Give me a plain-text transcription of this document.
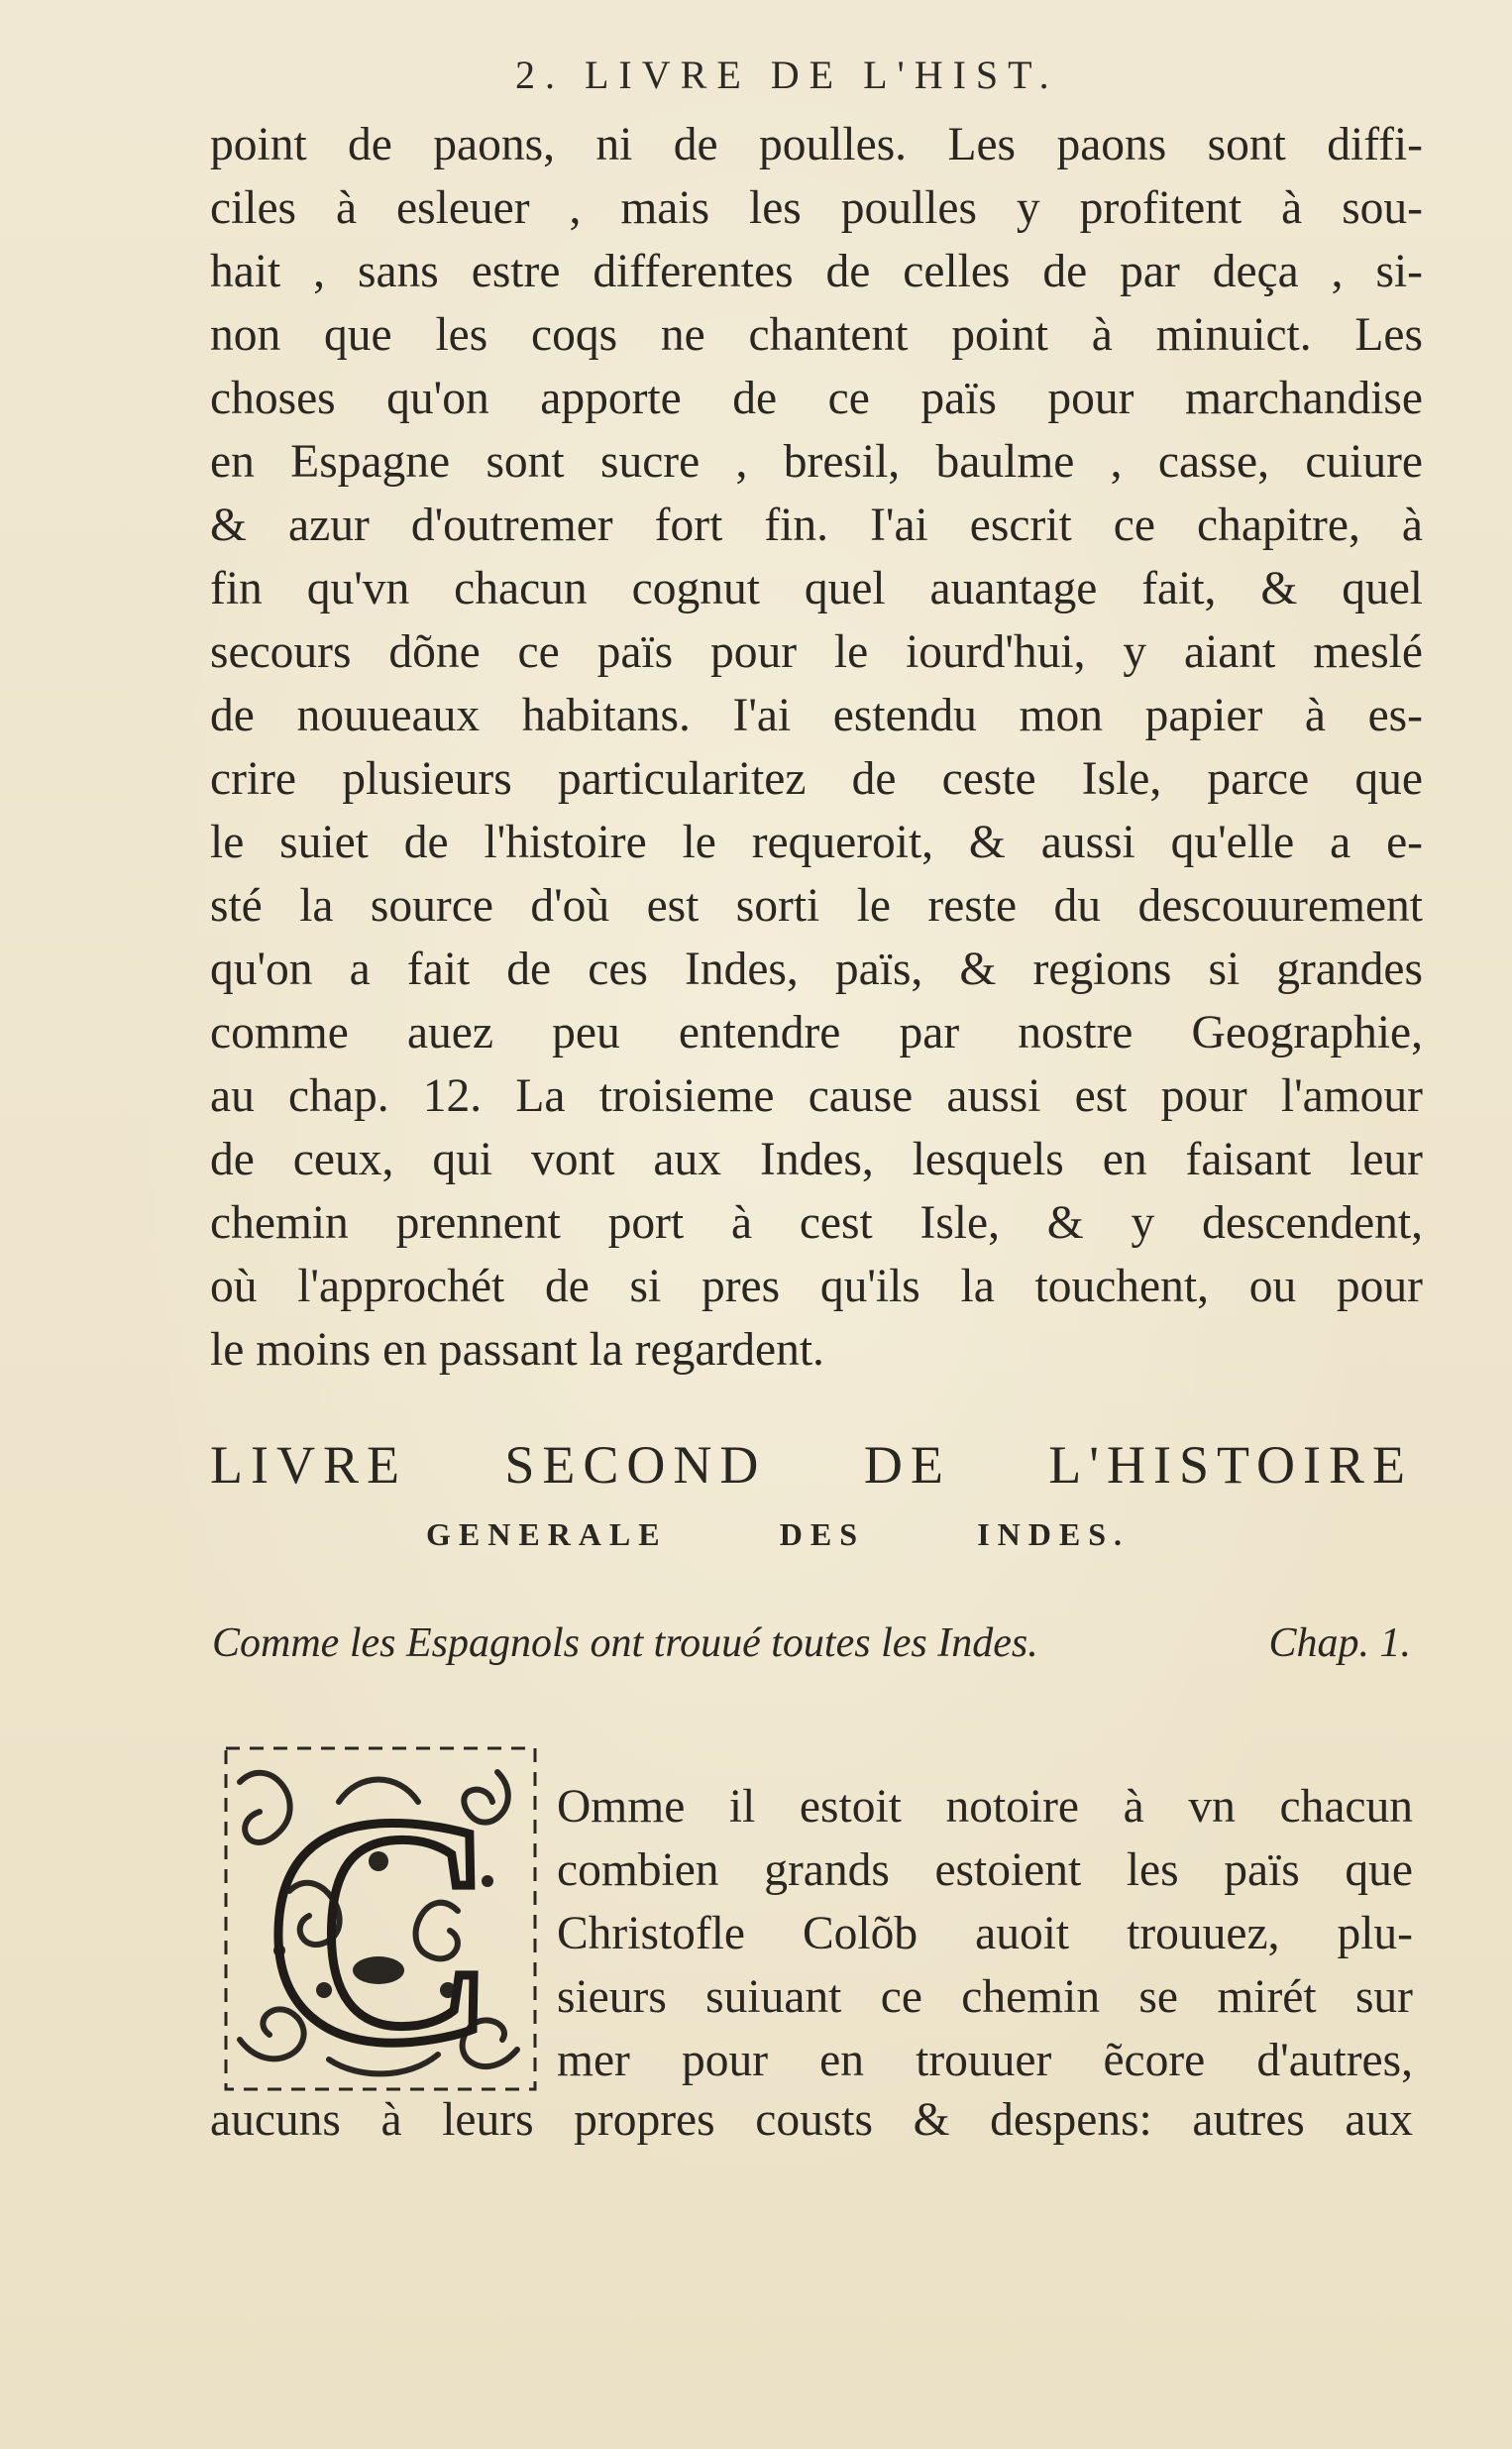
2. LIVRE DE L'HIST.
point de paons, ni de poulles. Les paons sont diffi-
ciles à esleuer , mais les poulles y profitent à sou-
hait , sans estre differentes de celles de par deça , si-
non que les coqs ne chantent point à minuict. Les
choses qu'on apporte de ce païs pour marchandise
en Espagne sont sucre , bresil, baulme , casse, cuiure
& azur d'outremer fort fin. I'ai escrit ce chapitre, à
fin qu'vn chacun cognut quel auantage fait, & quel
secours dõne ce païs pour le iourd'hui, y aiant meslé
de nouueaux habitans. I'ai estendu mon papier à es-
crire plusieurs particularitez de ceste Isle, parce que
le suiet de l'histoire le requeroit, & aussi qu'elle a e-
sté la source d'où est sorti le reste du descouurement
qu'on a fait de ces Indes, païs, & regions si grandes
comme auez peu entendre par nostre Geographie,
au chap. 12. La troisieme cause aussi est pour l'amour
de ceux, qui vont aux Indes, lesquels en faisant leur
chemin prennent port à cest Isle, & y descendent,
où l'approchét de si pres qu'ils la touchent, ou pour
le moins en passant la regardent.
LIVRE SECOND DE L'HISTOIRE
GENERALE DES INDES.
Comme les Espagnols ont trouué toutes les Indes.	Chap. 1.
C Omme il estoit notoire à vn chacun
combien grands estoient les païs que
Christofle Colõb auoit trouuez, plu-
sieurs suiuant ce chemin se mirét sur
mer pour en trouuer ẽcore d'autres,
aucuns à leurs propres cousts & despens: autres aux
